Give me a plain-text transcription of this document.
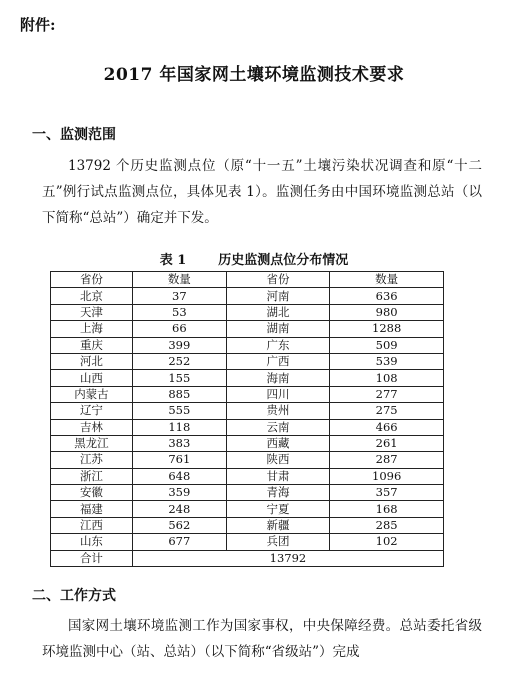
附件:
2017 年国家网土壤环境监测技术要求
一、监测范围
13792 个历史监测点位（原“十一五”土壤污染状况调查和原“十二五”例行试点监测点位，具体见表 1）。监测任务由中国环境监测总站（以下简称“总站”）确定并下发。
表 1 历史监测点位分布情况
省份	数量	省份	数量
北京	37	河南	636
天津	53	湖北	980
上海	66	湖南	1288
重庆	399	广东	509
河北	252	广西	539
山西	155	海南	108
内蒙古	885	四川	277
辽宁	555	贵州	275
吉林	118	云南	466
黑龙江	383	西藏	261
江苏	761	陕西	287
浙江	648	甘肃	1096
安徽	359	青海	357
福建	248	宁夏	168
江西	562	新疆	285
山东	677	兵团	102
合计	13792		
二、工作方式
国家网土壤环境监测工作为国家事权，中央保障经费。总站委托省级环境监测中心（站、总站）（以下简称“省级站”）完成
